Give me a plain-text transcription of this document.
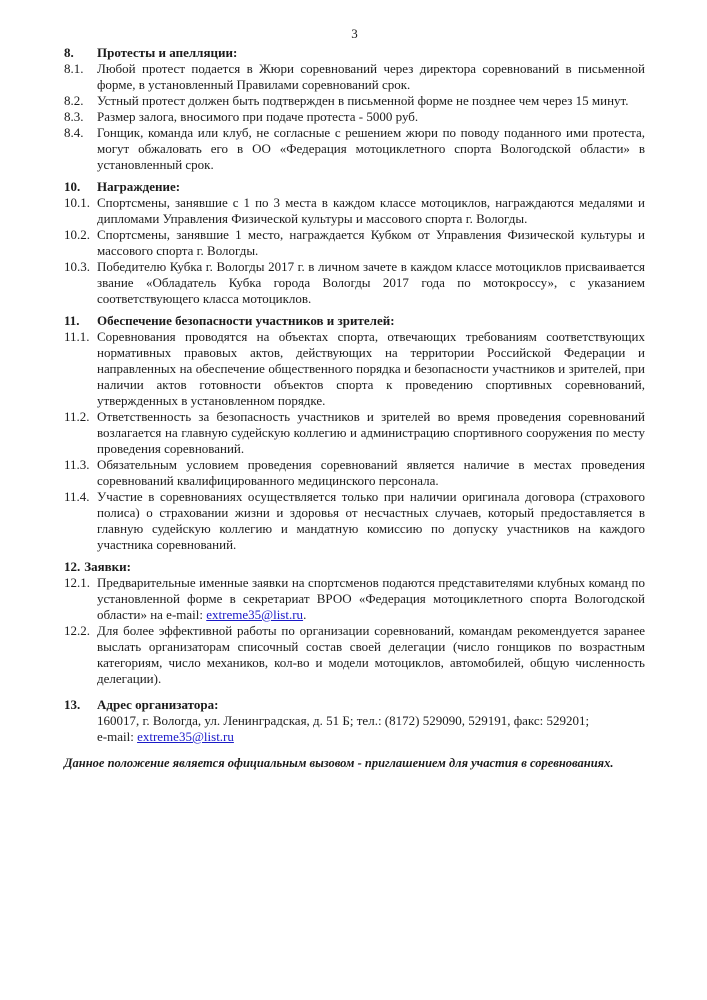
3
8. Протесты и апелляции:
8.1. Любой протест подается в Жюри соревнований через директора соревнований в письменной форме, в установленный Правилами соревнований срок.
8.2. Устный протест должен быть подтвержден в письменной форме не позднее чем через 15 минут.
8.3. Размер залога, вносимого при подаче протеста - 5000 руб.
8.4. Гонщик, команда или клуб, не согласные с решением жюри по поводу поданного ими протеста, могут обжаловать его в ОО «Федерация мотоциклетного спорта Вологодской области» в установленный срок.
10. Награждение:
10.1. Спортсмены, занявшие с 1 по 3 места в каждом классе мотоциклов, награждаются медалями и дипломами Управления Физической культуры и массового спорта г. Вологды.
10.2. Спортсмены, занявшие 1 место, награждается Кубком от Управления Физической культуры и массового спорта г. Вологды.
10.3. Победителю Кубка г. Вологды 2017 г. в личном зачете в каждом классе мотоциклов присваивается звание «Обладатель Кубка города Вологды 2017 года по мотокроссу», с указанием соответствующего класса мотоциклов.
11. Обеспечение безопасности участников и зрителей:
11.1. Соревнования проводятся на объектах спорта, отвечающих требованиям соответствующих нормативных правовых актов, действующих на территории Российской Федерации и направленных на обеспечение общественного порядка и безопасности участников и зрителей, при наличии актов готовности объектов спорта к проведению спортивных соревнований, утвержденных в установленном порядке.
11.2. Ответственность за безопасность участников и зрителей во время проведения соревнований возлагается на главную судейскую коллегию и администрацию спортивного сооружения по месту проведения соревнований.
11.3. Обязательным условием проведения соревнований является наличие в местах проведения соревнований квалифицированного медицинского персонала.
11.4. Участие в соревнованиях осуществляется только при наличии оригинала договора (страхового полиса) о страховании жизни и здоровья от несчастных случаев, который предоставляется в главную судейскую коллегию и мандатную комиссию по допуску участников на каждого участника соревнований.
12. Заявки:
12.1. Предварительные именные заявки на спортсменов подаются представителями клубных команд по установленной форме в секретариат ВРОО «Федерация мотоциклетного спорта Вологодской области» на e-mail: extreme35@list.ru.
12.2. Для более эффективной работы по организации соревнований, командам рекомендуется заранее выслать организаторам списочный состав своей делегации (число гонщиков по возрастным категориям, число механиков, кол-во и модели мотоциклов, автомобилей, общую численность делегации).
13. Адрес организатора:
160017, г. Вологда, ул. Ленинградская, д. 51 Б; тел.: (8172) 529090, 529191, факс: 529201;
e-mail: extreme35@list.ru
Данное положение является официальным вызовом - приглашением для участия в соревнованиях.
